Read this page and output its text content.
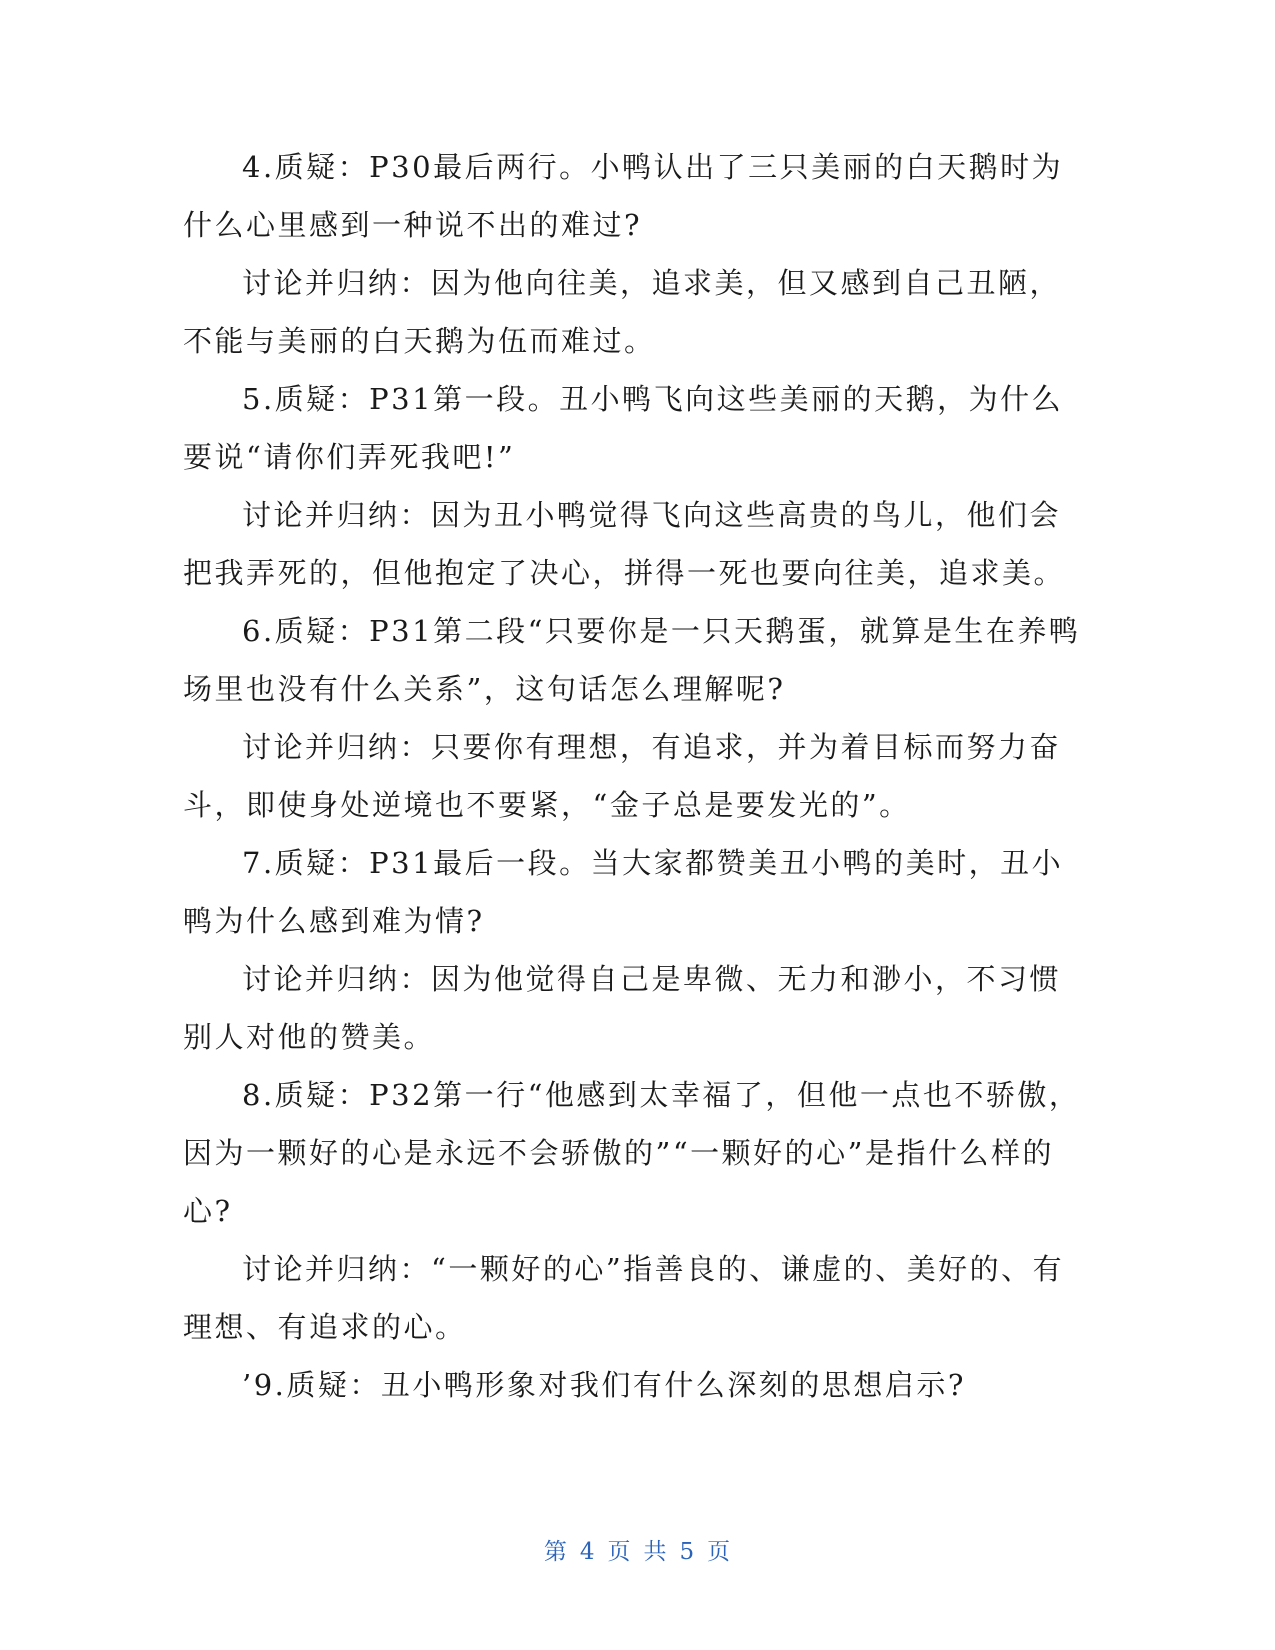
4.质疑：P30最后两行。小鸭认出了三只美丽的白天鹅时为什么心里感到一种说不出的难过?

讨论并归纳：因为他向往美，追求美，但又感到自己丑陋，不能与美丽的白天鹅为伍而难过。

5.质疑：P31第一段。丑小鸭飞向这些美丽的天鹅，为什么要说“请你们弄死我吧!”

讨论并归纳：因为丑小鸭觉得飞向这些高贵的鸟儿，他们会把我弄死的，但他抱定了决心，拼得一死也要向往美，追求美。

6.质疑：P31第二段“只要你是一只天鹅蛋，就算是生在养鸭场里也没有什么关系”，这句话怎么理解呢?

讨论并归纳：只要你有理想，有追求，并为着目标而努力奋斗，即使身处逆境也不要紧，“金子总是要发光的”。

7.质疑：P31最后一段。当大家都赞美丑小鸭的美时，丑小鸭为什么感到难为情?

讨论并归纳：因为他觉得自己是卑微、无力和渺小，不习惯别人对他的赞美。

8.质疑：P32第一行“他感到太幸福了，但他一点也不骄傲，因为一颗好的心是永远不会骄傲的”“一颗好的心”是指什么样的心?

讨论并归纳：“一颗好的心”指善良的、谦虚的、美好的、有理想、有追求的心。

’9.质疑：丑小鸭形象对我们有什么深刻的思想启示?

第 4 页 共 5 页
